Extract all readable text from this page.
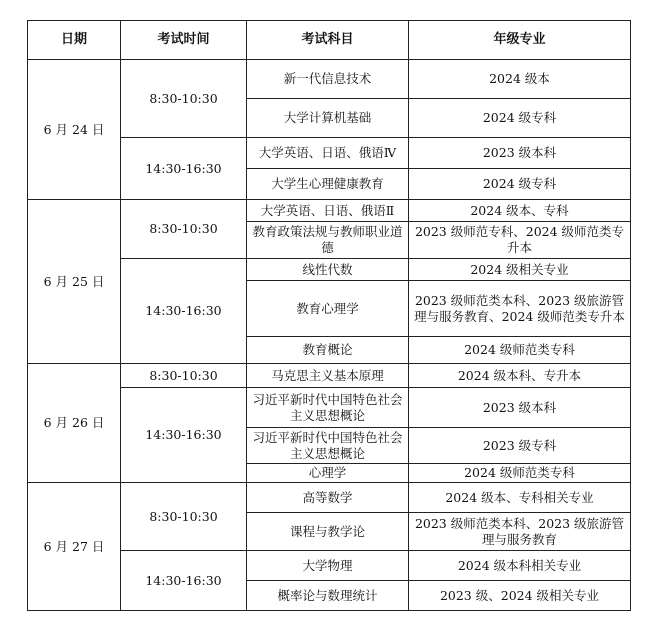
日期	考试时间	考试科目	年级专业
6 月 24 日	8:30-10:30	新一代信息技术	2024 级本
		大学计算机基础	2024 级专科
	14:30-16:30	大学英语、日语、俄语Ⅳ	2023 级本科
		大学生心理健康教育	2024 级专科
6 月 25 日	8:30-10:30	大学英语、日语、俄语Ⅱ	2024 级本、专科
		教育政策法规与教师职业道德	2023 级师范专科、2024 级师范类专升本
	14:30-16:30	线性代数	2024 级相关专业
		教育心理学	2023 级师范类本科、2023 级旅游管理与服务教育、2024 级师范类专升本
		教育概论	2024 级师范类专科
6 月 26 日	8:30-10:30	马克思主义基本原理	2024 级本科、专升本
	14:30-16:30	习近平新时代中国特色社会主义思想概论	2023 级本科
		习近平新时代中国特色社会主义思想概论	2023 级专科
		心理学	2024 级师范类专科
6 月 27 日	8:30-10:30	高等数学	2024 级本、专科相关专业
		课程与教学论	2023 级师范类本科、2023 级旅游管理与服务教育
	14:30-16:30	大学物理	2024 级本科相关专业
		概率论与数理统计	2023 级、2024 级相关专业
